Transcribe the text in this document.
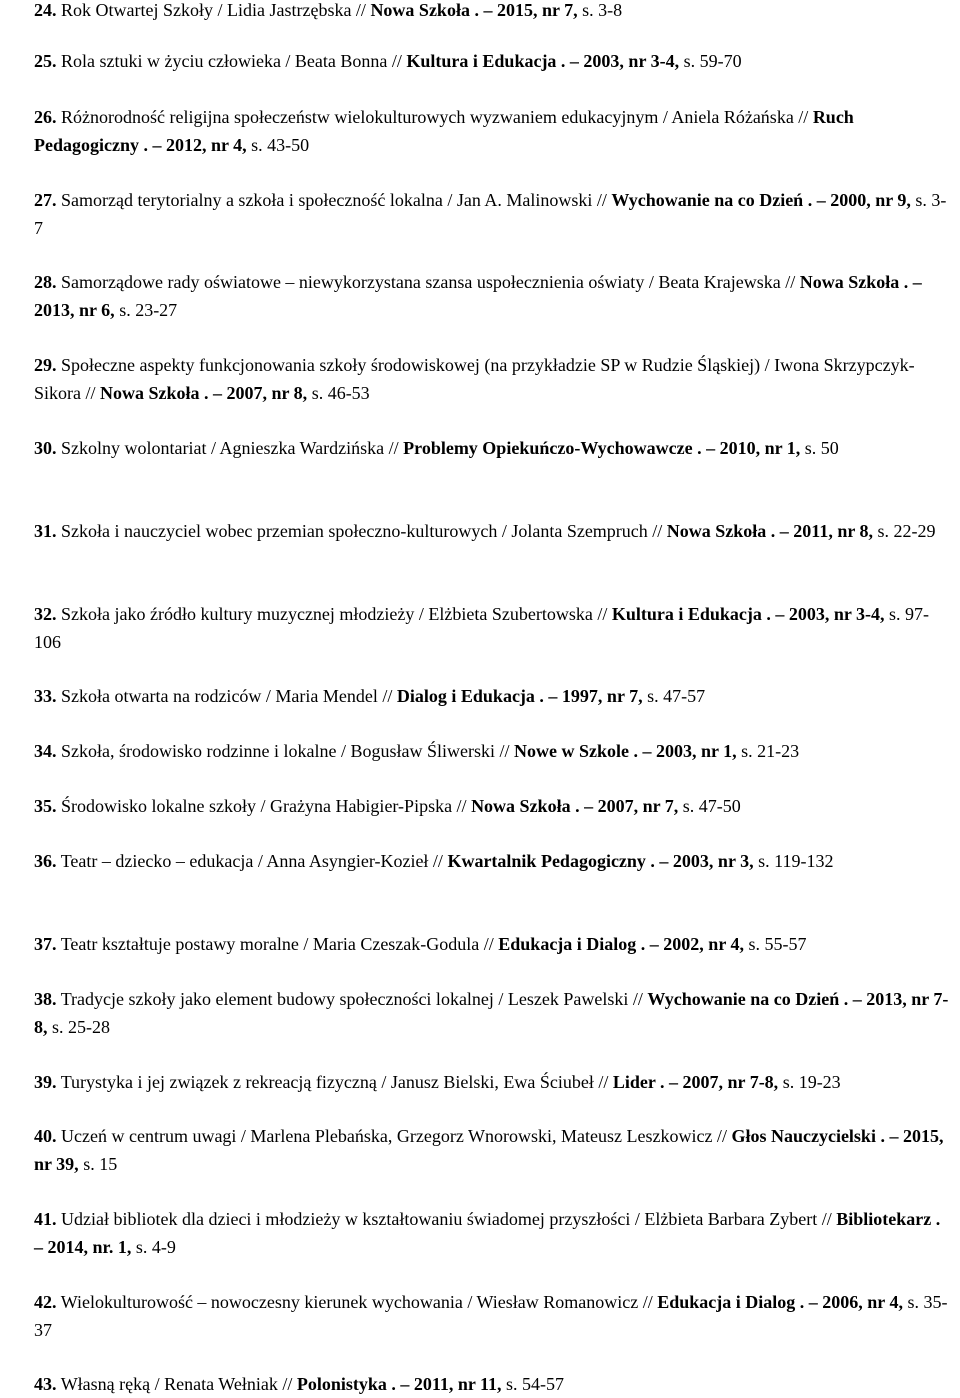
24. Rok Otwartej Szkoły / Lidia Jastrzębska // Nowa Szkoła . – 2015, nr 7, s. 3-8

25. Rola sztuki w życiu człowieka / Beata Bonna // Kultura i Edukacja . – 2003, nr 3-4, s. 59-70

26. Różnorodność religijna społeczeństw wielokulturowych wyzwaniem edukacyjnym / Aniela Różańska // Ruch Pedagogiczny . – 2012, nr 4, s. 43-50

27. Samorząd terytorialny a szkoła i społeczność lokalna / Jan A. Malinowski // Wychowanie na co Dzień . – 2000, nr 9, s. 3-7

28. Samorządowe rady oświatowe – niewykorzystana szansa uspołecznienia oświaty / Beata Krajewska // Nowa Szkoła . – 2013, nr 6, s. 23-27

29. Społeczne aspekty funkcjonowania szkoły środowiskowej (na przykładzie SP w Rudzie Śląskiej) / Iwona Skrzypczyk-Sikora // Nowa Szkoła . – 2007, nr 8, s. 46-53

30. Szkolny wolontariat / Agnieszka Wardzińska // Problemy Opiekuńczo-Wychowawcze . – 2010, nr 1, s. 50

31. Szkoła i nauczyciel wobec przemian społeczno-kulturowych / Jolanta Szempruch // Nowa Szkoła . – 2011, nr 8, s. 22-29

32. Szkoła jako źródło kultury muzycznej młodzieży / Elżbieta Szubertowska // Kultura i Edukacja . – 2003, nr 3-4, s. 97-106

33. Szkoła otwarta na rodziców / Maria Mendel // Dialog i Edukacja . – 1997, nr 7, s. 47-57

34. Szkoła, środowisko rodzinne i lokalne / Bogusław Śliwerski // Nowe w Szkole . – 2003, nr 1, s. 21-23

35. Środowisko lokalne szkoły / Grażyna Habigier-Pipska // Nowa Szkoła . – 2007, nr 7, s. 47-50

36. Teatr – dziecko – edukacja / Anna Asyngier-Kozieł // Kwartalnik Pedagogiczny . – 2003, nr 3, s. 119-132

37. Teatr kształtuje postawy moralne / Maria Czeszak-Godula // Edukacja i Dialog . – 2002, nr 4, s. 55-57

38. Tradycje szkoły jako element budowy społeczności lokalnej / Leszek Pawelski // Wychowanie na co Dzień . – 2013, nr 7-8, s. 25-28

39. Turystyka i jej związek z rekreacją fizyczną / Janusz Bielski, Ewa Ściubeł // Lider . – 2007, nr 7-8, s. 19-23

40. Uczeń w centrum uwagi / Marlena Plebańska, Grzegorz Wnorowski, Mateusz Leszkowicz // Głos Nauczycielski . – 2015, nr 39, s. 15

41. Udział bibliotek dla dzieci i młodzieży w kształtowaniu świadomej przyszłości / Elżbieta Barbara Zybert // Bibliotekarz . – 2014, nr. 1, s. 4-9

42. Wielokulturowość – nowoczesny kierunek wychowania / Wiesław Romanowicz // Edukacja i Dialog . – 2006, nr 4, s. 35-37

43. Własną ręką / Renata Wełniak // Polonistyka . – 2011, nr 11, s. 54-57
